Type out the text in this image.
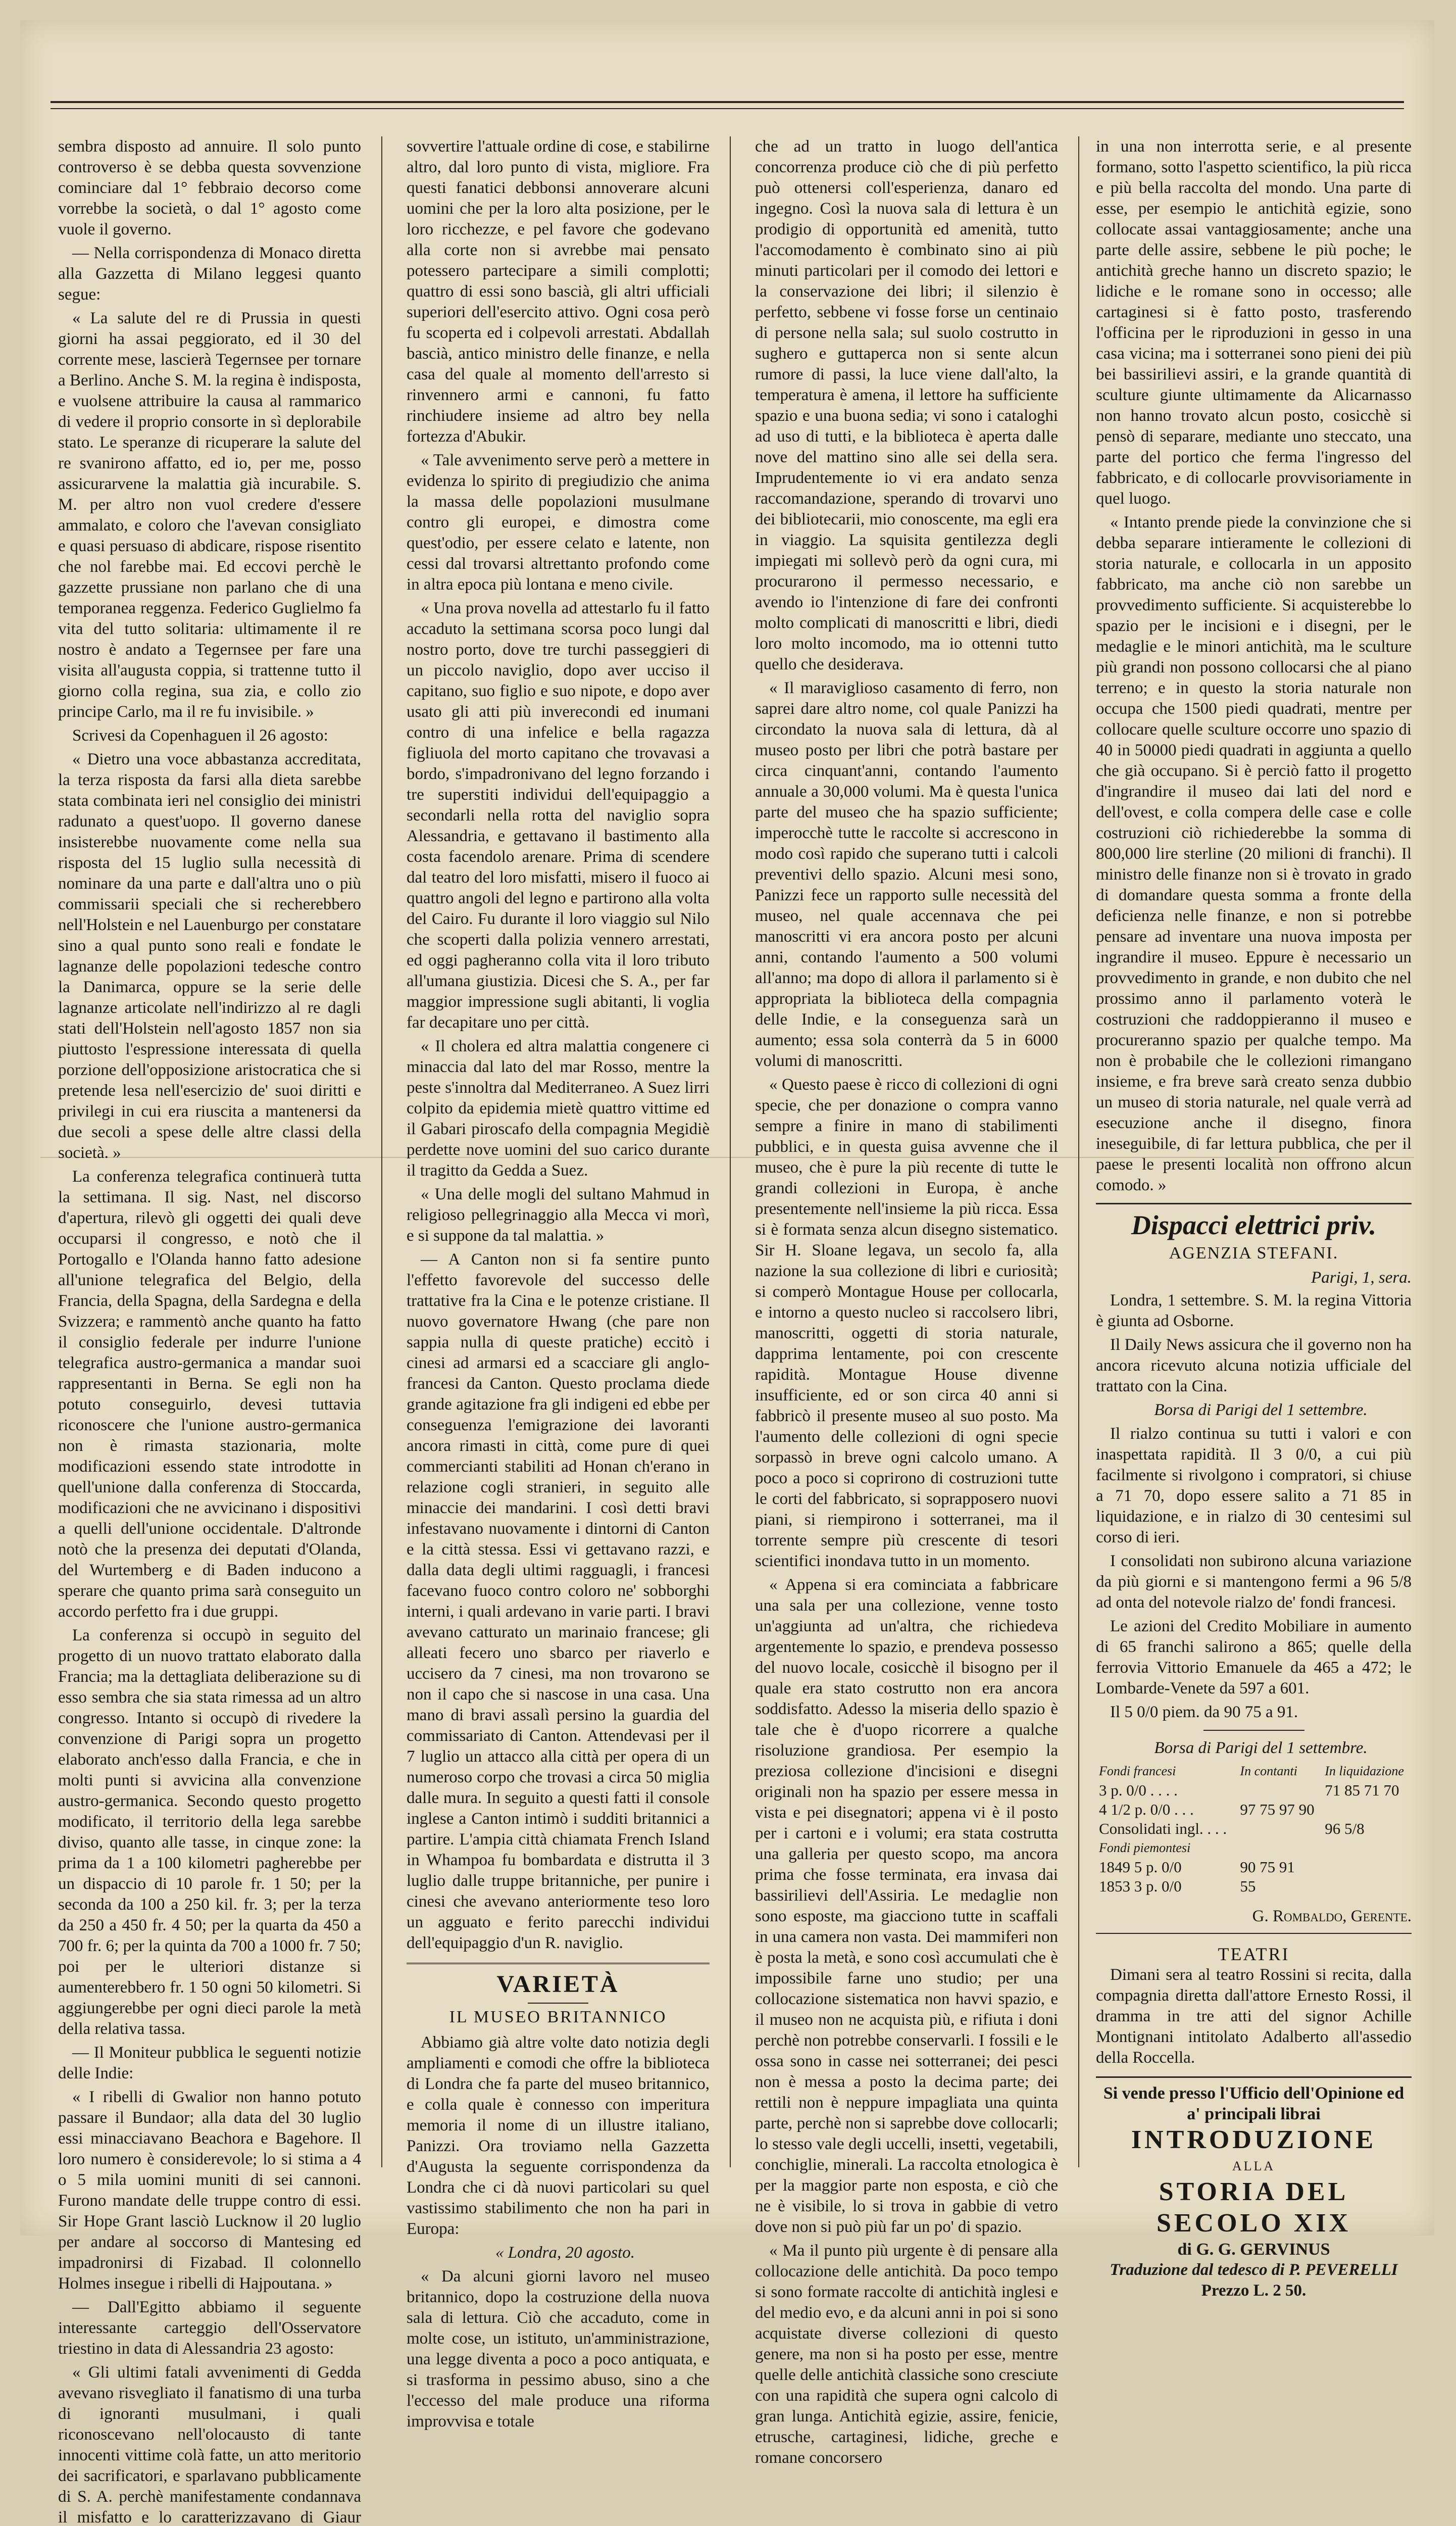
sembra disposto ad annuire. Il solo punto controverso è se debba questa sovvenzione cominciare dal 1° febbraio decorso come vorrebbe la società, o dal 1° agosto come vuole il governo.

— Nella corrispondenza di Monaco diretta alla Gazzetta di Milano leggesi quanto segue:

« La salute del re di Prussia in questi giorni ha assai peggiorato, ed il 30 del corrente mese, lascierà Tegernsee per tornare a Berlino. Anche S. M. la regina è indisposta, e vuolsene attribuire la causa al rammarico di vedere il proprio consorte in sì deplorabile stato. Le speranze di ricuperare la salute del re svanirono affatto, ed io, per me, posso assicurarvene la malattia già incurabile. S. M. per altro non vuol credere d'essere ammalato, e coloro che l'avevan consigliato e quasi persuaso di abdicare, rispose risentito che nol farebbe mai. Ed eccovi perchè le gazzette prussiane non parlano che di una temporanea reggenza. Federico Guglielmo fa vita del tutto solitaria: ultimamente il re nostro è andato a Tegernsee per fare una visita all'augusta coppia, si trattenne tutto il giorno colla regina, sua zia, e collo zio principe Carlo, ma il re fu invisibile. »

Scrivesi da Copenhaguen il 26 agosto:

« Dietro una voce abbastanza accreditata, la terza risposta da farsi alla dieta sarebbe stata combinata ieri nel consiglio dei ministri radunato a quest'uopo. Il governo danese insisterebbe nuovamente come nella sua risposta del 15 luglio sulla necessità di nominare da una parte e dall'altra uno o più commissarii speciali che si recherebbero nell'Holstein e nel Lauenburgo per constatare sino a qual punto sono reali e fondate le lagnanze delle popolazioni tedesche contro la Danimarca, oppure se la serie delle lagnanze articolate nell'indirizzo al re dagli stati dell'Holstein nell'agosto 1857 non sia piuttosto l'espressione interessata di quella porzione dell'opposizione aristocratica che si pretende lesa nell'esercizio de' suoi diritti e privilegi in cui era riuscita a mantenersi da due secoli a spese delle altre classi della società. »

La conferenza telegrafica continuerà tutta la settimana. Il sig. Nast, nel discorso d'apertura, rilevò gli oggetti dei quali deve occuparsi il congresso, e notò che il Portogallo e l'Olanda hanno fatto adesione all'unione telegrafica del Belgio, della Francia, della Spagna, della Sardegna e della Svizzera; e rammentò anche quanto ha fatto il consiglio federale per indurre l'unione telegrafica austro-germanica a mandar suoi rappresentanti in Berna. Se egli non ha potuto conseguirlo, devesi tuttavia riconoscere che l'unione austro-germanica non è rimasta stazionaria, molte modificazioni essendo state introdotte in quell'unione dalla conferenza di Stoccarda, modificazioni che ne avvicinano i dispositivi a quelli dell'unione occidentale. D'altronde notò che la presenza dei deputati d'Olanda, del Wurtemberg e di Baden inducono a sperare che quanto prima sarà conseguito un accordo perfetto fra i due gruppi.

La conferenza si occupò in seguito del progetto di un nuovo trattato elaborato dalla Francia; ma la dettagliata deliberazione su di esso sembra che sia stata rimessa ad un altro congresso. Intanto si occupò di rivedere la convenzione di Parigi sopra un progetto elaborato anch'esso dalla Francia, e che in molti punti si avvicina alla convenzione austro-germanica. Secondo questo progetto modificato, il territorio della lega sarebbe diviso, quanto alle tasse, in cinque zone: la prima da 1 a 100 kilometri pagherebbe per un dispaccio di 10 parole fr. 1 50; per la seconda da 100 a 250 kil. fr. 3; per la terza da 250 a 450 fr. 4 50; per la quarta da 450 a 700 fr. 6; per la quinta da 700 a 1000 fr. 7 50; poi per le ulteriori distanze si aumenterebbero fr. 1 50 ogni 50 kilometri. Si aggiungerebbe per ogni dieci parole la metà della relativa tassa.

— Il Moniteur pubblica le seguenti notizie delle Indie:

« I ribelli di Gwalior non hanno potuto passare il Bundaor; alla data del 30 luglio essi minacciavano Beachora e Bagehore. Il loro numero è considerevole; lo si stima a 4 o 5 mila uomini muniti di sei cannoni. Furono mandate delle truppe contro di essi. Sir Hope Grant lasciò Lucknow il 20 luglio per andare al soccorso di Mantesing ed impadronirsi di Fizabad. Il colonnello Holmes insegue i ribelli di Hajpoutana. »

— Dall'Egitto abbiamo il seguente interessante carteggio dell'Osservatore triestino in data di Alessandria 23 agosto:

« Gli ultimi fatali avvenimenti di Gedda avevano risvegliato il fanatismo di una turba di ignoranti musulmani, i quali riconoscevano nell'olocausto di tante innocenti vittime colà fatte, un atto meritorio dei sacrificatori, e sparlavano pubblicamente di S. A. perchè manifestamente condannava il misfatto e lo caratterizzavano di Giaur

sovvertire l'attuale ordine di cose, e stabilirne altro, dal loro punto di vista, migliore. Fra questi fanatici debbonsi annoverare alcuni uomini che per la loro alta posizione, per le loro ricchezze, e pel favore che godevano alla corte non si avrebbe mai pensato potessero partecipare a simili complotti; quattro di essi sono bascià, gli altri ufficiali superiori dell'esercito attivo. Ogni cosa però fu scoperta ed i colpevoli arrestati. Abdallah bascià, antico ministro delle finanze, e nella casa del quale al momento dell'arresto si rinvennero armi e cannoni, fu fatto rinchiudere insieme ad altro bey nella fortezza d'Abukir.

« Tale avvenimento serve però a mettere in evidenza lo spirito di pregiudizio che anima la massa delle popolazioni musulmane contro gli europei, e dimostra come quest'odio, per essere celato e latente, non cessi dal trovarsi altrettanto profondo come in altra epoca più lontana e meno civile.

« Una prova novella ad attestarlo fu il fatto accaduto la settimana scorsa poco lungi dal nostro porto, dove tre turchi passeggieri di un piccolo naviglio, dopo aver ucciso il capitano, suo figlio e suo nipote, e dopo aver usato gli atti più inverecondi ed inumani contro di una infelice e bella ragazza figliuola del morto capitano che trovavasi a bordo, s'impadronivano del legno forzando i tre superstiti individui dell'equipaggio a secondarli nella rotta del naviglio sopra Alessandria, e gettavano il bastimento alla costa facendolo arenare. Prima di scendere dal teatro del loro misfatti, misero il fuoco ai quattro angoli del legno e partirono alla volta del Cairo. Fu durante il loro viaggio sul Nilo che scoperti dalla polizia vennero arrestati, ed oggi pagheranno colla vita il loro tributo all'umana giustizia. Dicesi che S. A., per far maggior impressione sugli abitanti, li voglia far decapitare uno per città.

« Il cholera ed altra malattia congenere ci minaccia dal lato del mar Rosso, mentre la peste s'innoltra dal Mediterraneo. A Suez lirri colpito da epidemia mietè quattro vittime ed il Gabari piroscafo della compagnia Megidiè perdette nove uomini del suo carico durante il tragitto da Gedda a Suez.

« Una delle mogli del sultano Mahmud in religioso pellegrinaggio alla Mecca vi morì, e si suppone da tal malattia. »

— A Canton non si fa sentire punto l'effetto favorevole del successo delle trattative fra la Cina e le potenze cristiane. Il nuovo governatore Hwang (che pare non sappia nulla di queste pratiche) eccitò i cinesi ad armarsi ed a scacciare gli anglo-francesi da Canton. Questo proclama diede grande agitazione fra gli indigeni ed ebbe per conseguenza l'emigrazione dei lavoranti ancora rimasti in città, come pure di quei commercianti stabiliti ad Honan ch'erano in relazione cogli stranieri, in seguito alle minaccie dei mandarini. I così detti bravi infestavano nuovamente i dintorni di Canton e la città stessa. Essi vi gettavano razzi, e dalla data degli ultimi ragguagli, i francesi facevano fuoco contro coloro ne' sobborghi interni, i quali ardevano in varie parti. I bravi avevano catturato un marinaio francese; gli alleati fecero uno sbarco per riaverlo e uccisero da 7 cinesi, ma non trovarono se non il capo che si nascose in una casa. Una mano di bravi assalì persino la guardia del commissariato di Canton. Attendevasi per il 7 luglio un attacco alla città per opera di un numeroso corpo che trovasi a circa 50 miglia dalle mura. In seguito a questi fatti il console inglese a Canton intimò i sudditi britannici a partire. L'ampia città chiamata French Island in Whampoa fu bombardata e distrutta il 3 luglio dalle truppe britanniche, per punire i cinesi che avevano anteriormente teso loro un agguato e ferito parecchi individui dell'equipaggio d'un R. naviglio.

VARIETÀ
IL MUSEO BRITANNICO

Abbiamo già altre volte dato notizia degli ampliamenti e comodi che offre la biblioteca di Londra che fa parte del museo britannico, e colla quale è connesso con imperitura memoria il nome di un illustre italiano, Panizzi. Ora troviamo nella Gazzetta d'Augusta la seguente corrispondenza da Londra che ci dà nuovi particolari su quel vastissimo stabilimento che non ha pari in Europa:

« Londra, 20 agosto.

« Da alcuni giorni lavoro nel museo britannico, dopo la costruzione della nuova sala di lettura. Ciò che accaduto, come in molte cose, un istituto, un'amministrazione, una legge diventa a poco a poco antiquata, e si trasforma in pessimo abuso, sino a che l'eccesso del male produce una riforma improvvisa e totale

che ad un tratto in luogo dell'antica concorrenza produce ciò che di più perfetto può ottenersi coll'esperienza, danaro ed ingegno. Così la nuova sala di lettura è un prodigio di opportunità ed amenità, tutto l'accomodamento è combinato sino ai più minuti particolari per il comodo dei lettori e la conservazione dei libri; il silenzio è perfetto, sebbene vi fosse forse un centinaio di persone nella sala; sul suolo costrutto in sughero e guttaperca non si sente alcun rumore di passi, la luce viene dall'alto, la temperatura è amena, il lettore ha sufficiente spazio e una buona sedia; vi sono i cataloghi ad uso di tutti, e la biblioteca è aperta dalle nove del mattino sino alle sei della sera. Imprudentemente io vi era andato senza raccomandazione, sperando di trovarvi uno dei bibliotecarii, mio conoscente, ma egli era in viaggio. La squisita gentilezza degli impiegati mi sollevò però da ogni cura, mi procurarono il permesso necessario, e avendo io l'intenzione di fare dei confronti molto complicati di manoscritti e libri, diedi loro molto incomodo, ma io ottenni tutto quello che desiderava.

« Il maraviglioso casamento di ferro, non saprei dare altro nome, col quale Panizzi ha circondato la nuova sala di lettura, dà al museo posto per libri che potrà bastare per circa cinquant'anni, contando l'aumento annuale a 30,000 volumi. Ma è questa l'unica parte del museo che ha spazio sufficiente; imperocchè tutte le raccolte si accrescono in modo così rapido che superano tutti i calcoli preventivi dello spazio. Alcuni mesi sono, Panizzi fece un rapporto sulle necessità del museo, nel quale accennava che pei manoscritti vi era ancora posto per alcuni anni, contando l'aumento a 500 volumi all'anno; ma dopo di allora il parlamento si è appropriata la biblioteca della compagnia delle Indie, e la conseguenza sarà un aumento; essa sola conterrà da 5 in 6000 volumi di manoscritti.

« Questo paese è ricco di collezioni di ogni specie, che per donazione o compra vanno sempre a finire in mano di stabilimenti pubblici, e in questa guisa avvenne che il museo, che è pure la più recente di tutte le grandi collezioni in Europa, è anche presentemente nell'insieme la più ricca. Essa si è formata senza alcun disegno sistematico. Sir H. Sloane legava, un secolo fa, alla nazione la sua collezione di libri e curiosità; si comperò Montague House per collocarla, e intorno a questo nucleo si raccolsero libri, manoscritti, oggetti di storia naturale, dapprima lentamente, poi con crescente rapidità. Montague House divenne insufficiente, ed or son circa 40 anni si fabbricò il presente museo al suo posto. Ma l'aumento delle collezioni di ogni specie sorpassò in breve ogni calcolo umano. A poco a poco si coprirono di costruzioni tutte le corti del fabbricato, si soprapposero nuovi piani, si riempirono i sotterranei, ma il torrente sempre più crescente di tesori scientifici inondava tutto in un momento.

« Appena si era cominciata a fabbricare una sala per una collezione, venne tosto un'aggiunta ad un'altra, che richiedeva argentemente lo spazio, e prendeva possesso del nuovo locale, cosicchè il bisogno per il quale era stato costrutto non era ancora soddisfatto. Adesso la miseria dello spazio è tale che è d'uopo ricorrere a qualche risoluzione grandiosa. Per esempio la preziosa collezione d'incisioni e disegni originali non ha spazio per essere messa in vista e pei disegnatori; appena vi è il posto per i cartoni e i volumi; era stata costrutta una galleria per questo scopo, ma ancora prima che fosse terminata, era invasa dai bassirilievi dell'Assiria. Le medaglie non sono esposte, ma giacciono tutte in scaffali in una camera non vasta. Dei mammiferi non è posta la metà, e sono così accumulati che è impossibile farne uno studio; per una collocazione sistematica non havvi spazio, e il museo non ne acquista più, e rifiuta i doni perchè non potrebbe conservarli. I fossili e le ossa sono in casse nei sotterranei; dei pesci non è messa a posto la decima parte; dei rettili non è neppure impagliata una quinta parte, perchè non si saprebbe dove collocarli; lo stesso vale degli uccelli, insetti, vegetabili, conchiglie, minerali. La raccolta etnologica è per la maggior parte non esposta, e ciò che ne è visibile, lo si trova in gabbie di vetro dove non si può più far un po' di spazio.

« Ma il punto più urgente è di pensare alla collocazione delle antichità. Da poco tempo si sono formate raccolte di antichità inglesi e del medio evo, e da alcuni anni in poi si sono acquistate diverse collezioni di questo genere, ma non si ha posto per esse, mentre quelle delle antichità classiche sono cresciute con una rapidità che supera ogni calcolo di gran lunga. Antichità egizie, assire, fenicie, etrusche, cartaginesi, lidiche, greche e romane concorsero

in una non interrotta serie, e al presente formano, sotto l'aspetto scientifico, la più ricca e più bella raccolta del mondo. Una parte di esse, per esempio le antichità egizie, sono collocate assai vantaggiosamente; anche una parte delle assire, sebbene le più poche; le antichità greche hanno un discreto spazio; le lidiche e le romane sono in occesso; alle cartaginesi si è fatto posto, trasferendo l'officina per le riproduzioni in gesso in una casa vicina; ma i sotterranei sono pieni dei più bei bassirilievi assiri, e la grande quantità di sculture giunte ultimamente da Alicarnasso non hanno trovato alcun posto, cosicchè si pensò di separare, mediante uno steccato, una parte del portico che ferma l'ingresso del fabbricato, e di collocarle provvisoriamente in quel luogo.

« Intanto prende piede la convinzione che si debba separare intieramente le collezioni di storia naturale, e collocarla in un apposito fabbricato, ma anche ciò non sarebbe un provvedimento sufficiente. Si acquisterebbe lo spazio per le incisioni e i disegni, per le medaglie e le minori antichità, ma le sculture più grandi non possono collocarsi che al piano terreno; e in questo la storia naturale non occupa che 1500 piedi quadrati, mentre per collocare quelle sculture occorre uno spazio di 40 in 50000 piedi quadrati in aggiunta a quello che già occupano. Si è perciò fatto il progetto d'ingrandire il museo dai lati del nord e dell'ovest, e colla compera delle case e colle costruzioni ciò richiederebbe la somma di 800,000 lire sterline (20 milioni di franchi). Il ministro delle finanze non si è trovato in grado di domandare questa somma a fronte della deficienza nelle finanze, e non si potrebbe pensare ad inventare una nuova imposta per ingrandire il museo. Eppure è necessario un provvedimento in grande, e non dubito che nel prossimo anno il parlamento voterà le costruzioni che raddoppieranno il museo e procureranno spazio per qualche tempo. Ma non è probabile che le collezioni rimangano insieme, e fra breve sarà creato senza dubbio un museo di storia naturale, nel quale verrà ad esecuzione anche il disegno, finora ineseguibile, di far lettura pubblica, che per il paese le presenti località non offrono alcun comodo. »

Dispacci elettrici priv.
AGENZIA STEFANI.
Parigi, 1, sera.

Londra, 1 settembre. S. M. la regina Vittoria è giunta ad Osborne.

Il Daily News assicura che il governo non ha ancora ricevuto alcuna notizia ufficiale del trattato con la Cina.

Borsa di Parigi del 1 settembre.

Il rialzo continua su tutti i valori e con inaspettata rapidità. Il 3 0/0, a cui più facilmente si rivolgono i compratori, si chiuse a 71 70, dopo essere salito a 71 85 in liquidazione, e in rialzo di 30 centesimi sul corso di ieri.

I consolidati non subirono alcuna variazione da più giorni e si mantengono fermi a 96 5/8 ad onta del notevole rialzo de' fondi francesi.

Le azioni del Credito Mobiliare in aumento di 65 franchi salirono a 865; quelle della ferrovia Vittorio Emanuele da 465 a 472; le Lombarde-Venete da 597 a 601.

Il 5 0/0 piem. da 90 75 a 91.

Borsa di Parigi del 1 settembre.

Fondi francesi	In contanti	In liquidazione
3 p. 0/0 . . . .		71 85 71 70
4 1/2 p. 0/0 . . .	97 75 97 90	
Consolidati ingl. . . .		96 5/8
Fondi piemontesi		
1849 5 p. 0/0	90 75 91	
1853 3 p. 0/0	55	
G. Rombaldo, Gerente.
TEATRI

Dimani sera al teatro Rossini si recita, dalla compagnia diretta dall'attore Ernesto Rossi, il dramma in tre atti del signor Achille Montignani intitolato Adalberto all'assedio della Roccella.

Si vende presso l'Ufficio dell'Opinione ed a' principali librai
INTRODUZIONE
ALLA
STORIA DEL SECOLO XIX
di G. G. GERVINUS
Traduzione dal tedesco di P. PEVERELLI
Prezzo L. 2 50.
